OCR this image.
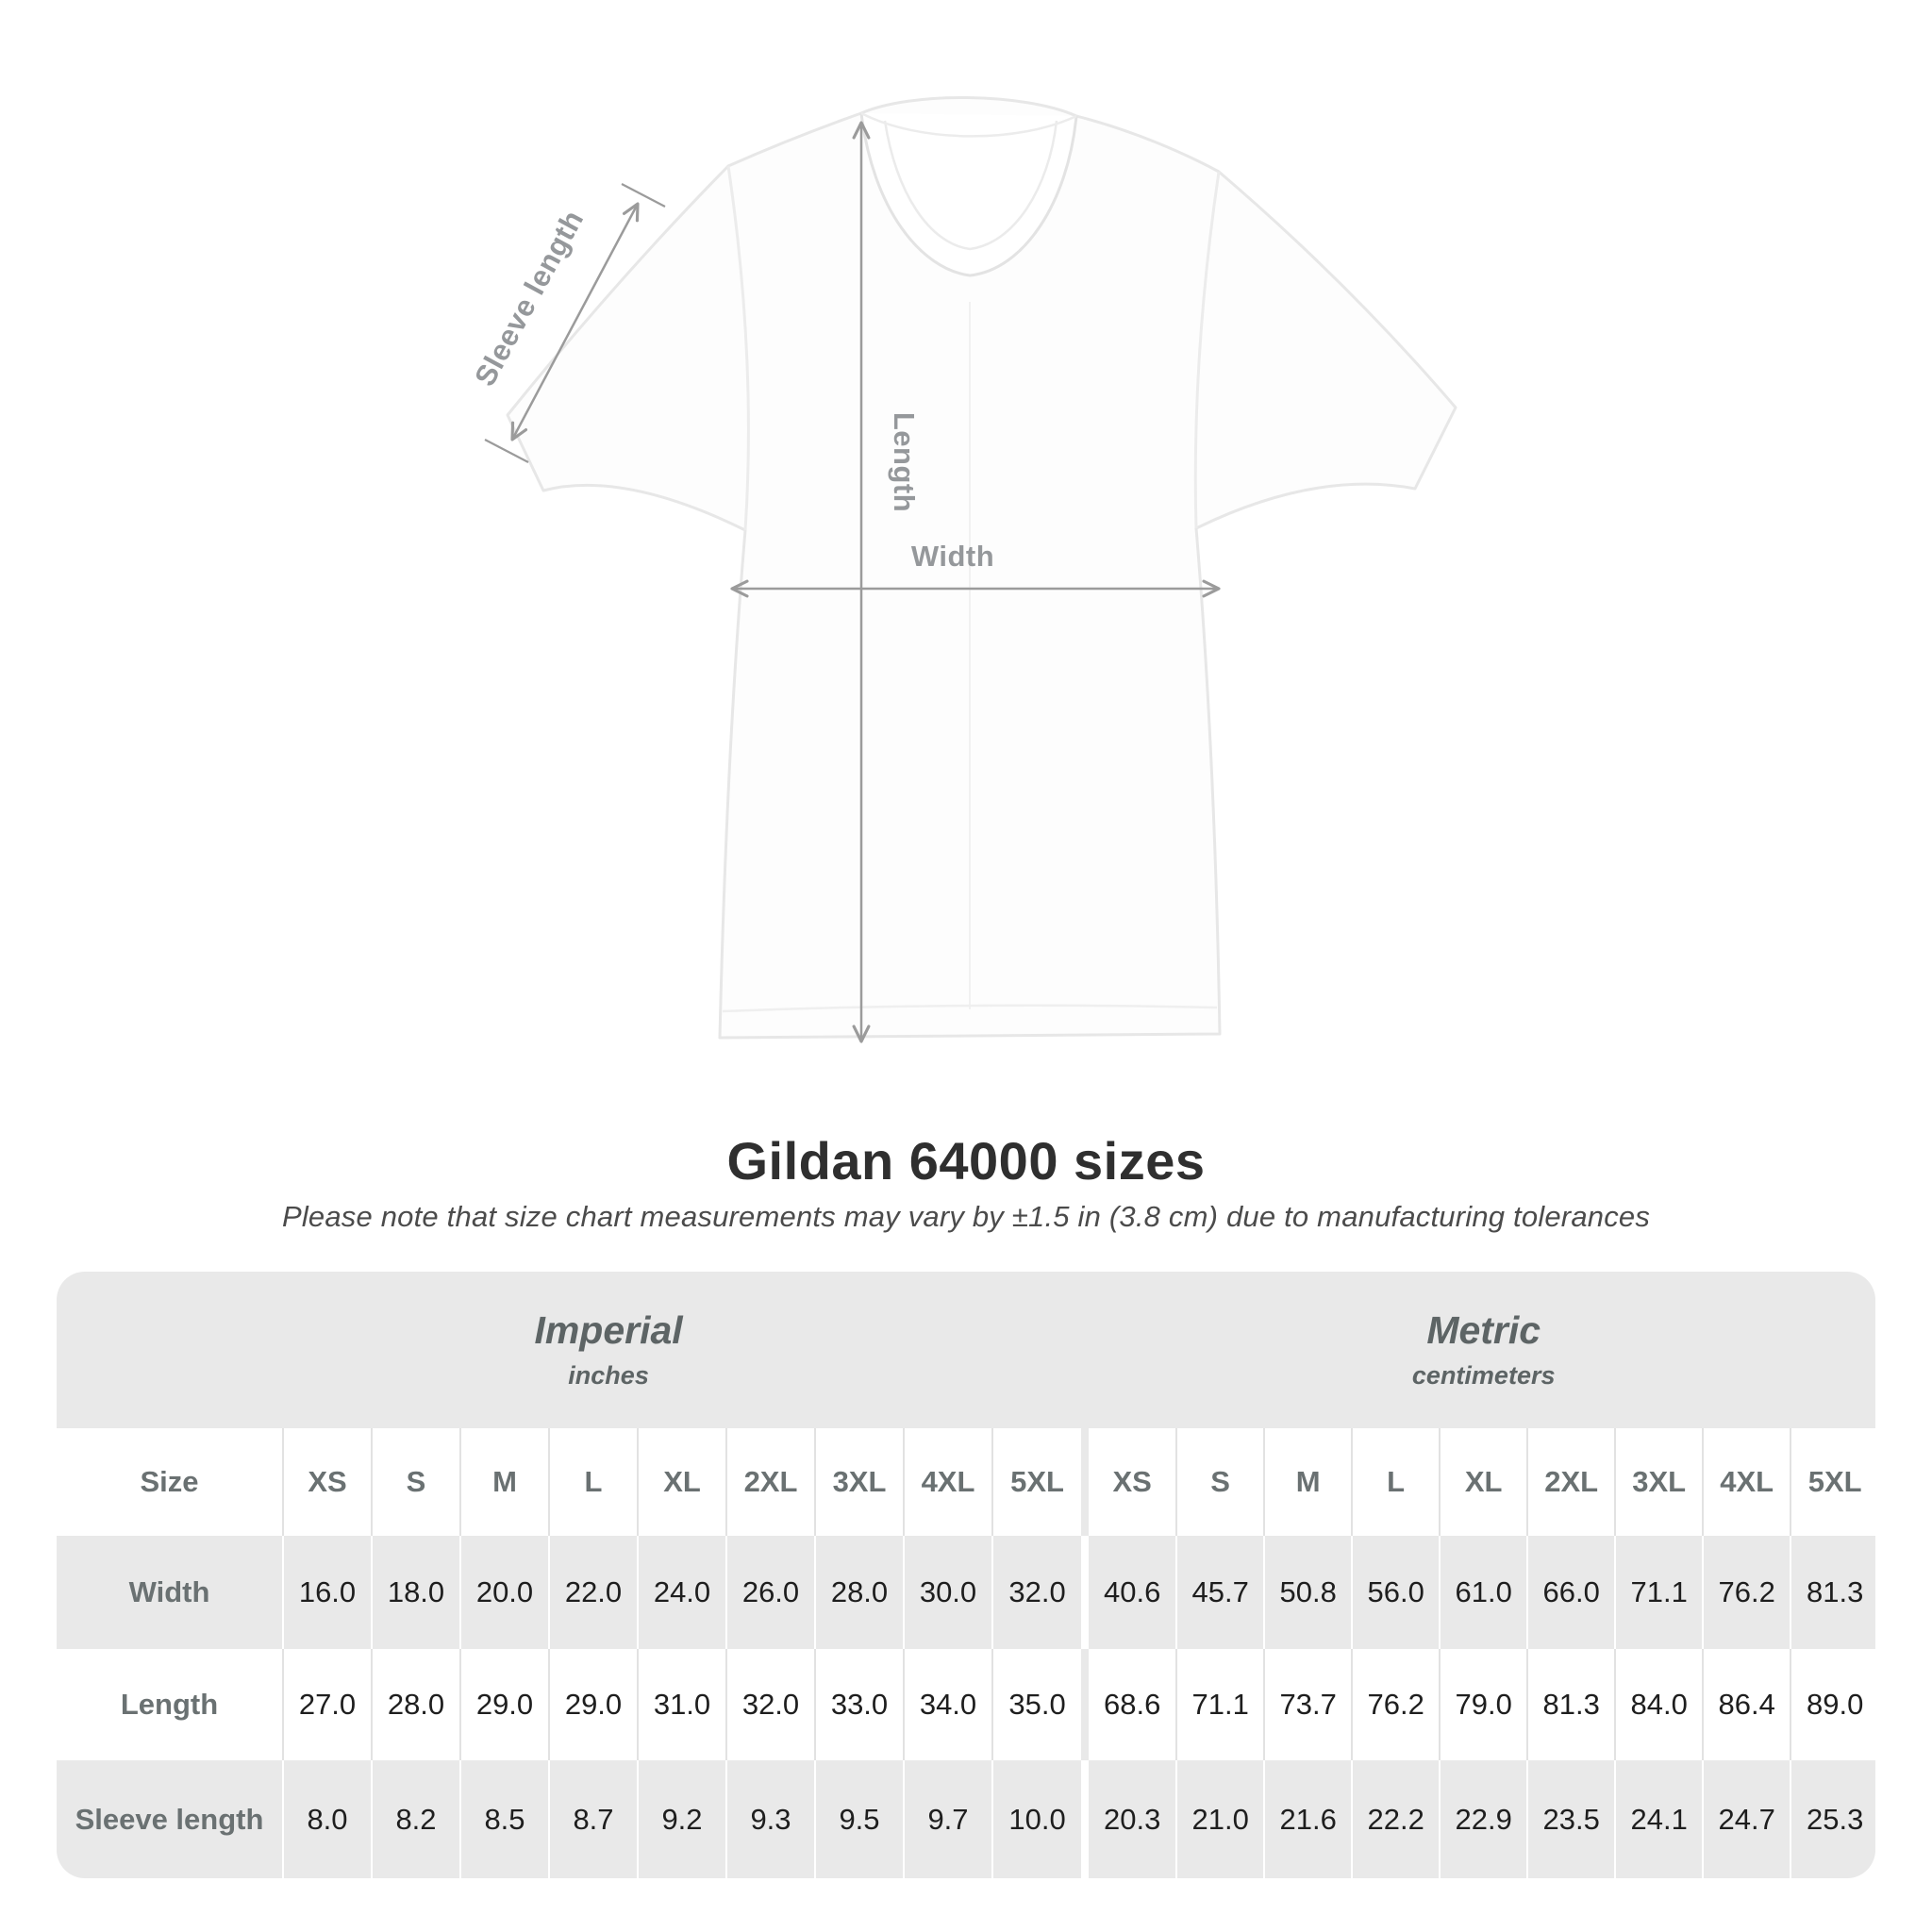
Width
Length
Sleeve length
Gildan 64000 sizes

Please note that size chart measurements may vary by ±1.5 in (3.8 cm) due to manufacturing tolerances

Imperial
inches

Metric
centimeters

Size	XS	S	M	L	XL	2XL	3XL	4XL	5XL		XS	S	M	L	XL	2XL	3XL	4XL	5XL
Width	16.0	18.0	20.0	22.0	24.0	26.0	28.0	30.0	32.0		40.6	45.7	50.8	56.0	61.0	66.0	71.1	76.2	81.3
Length	27.0	28.0	29.0	29.0	31.0	32.0	33.0	34.0	35.0		68.6	71.1	73.7	76.2	79.0	81.3	84.0	86.4	89.0
Sleeve length	8.0	8.2	8.5	8.7	9.2	9.3	9.5	9.7	10.0		20.3	21.0	21.6	22.2	22.9	23.5	24.1	24.7	25.3
